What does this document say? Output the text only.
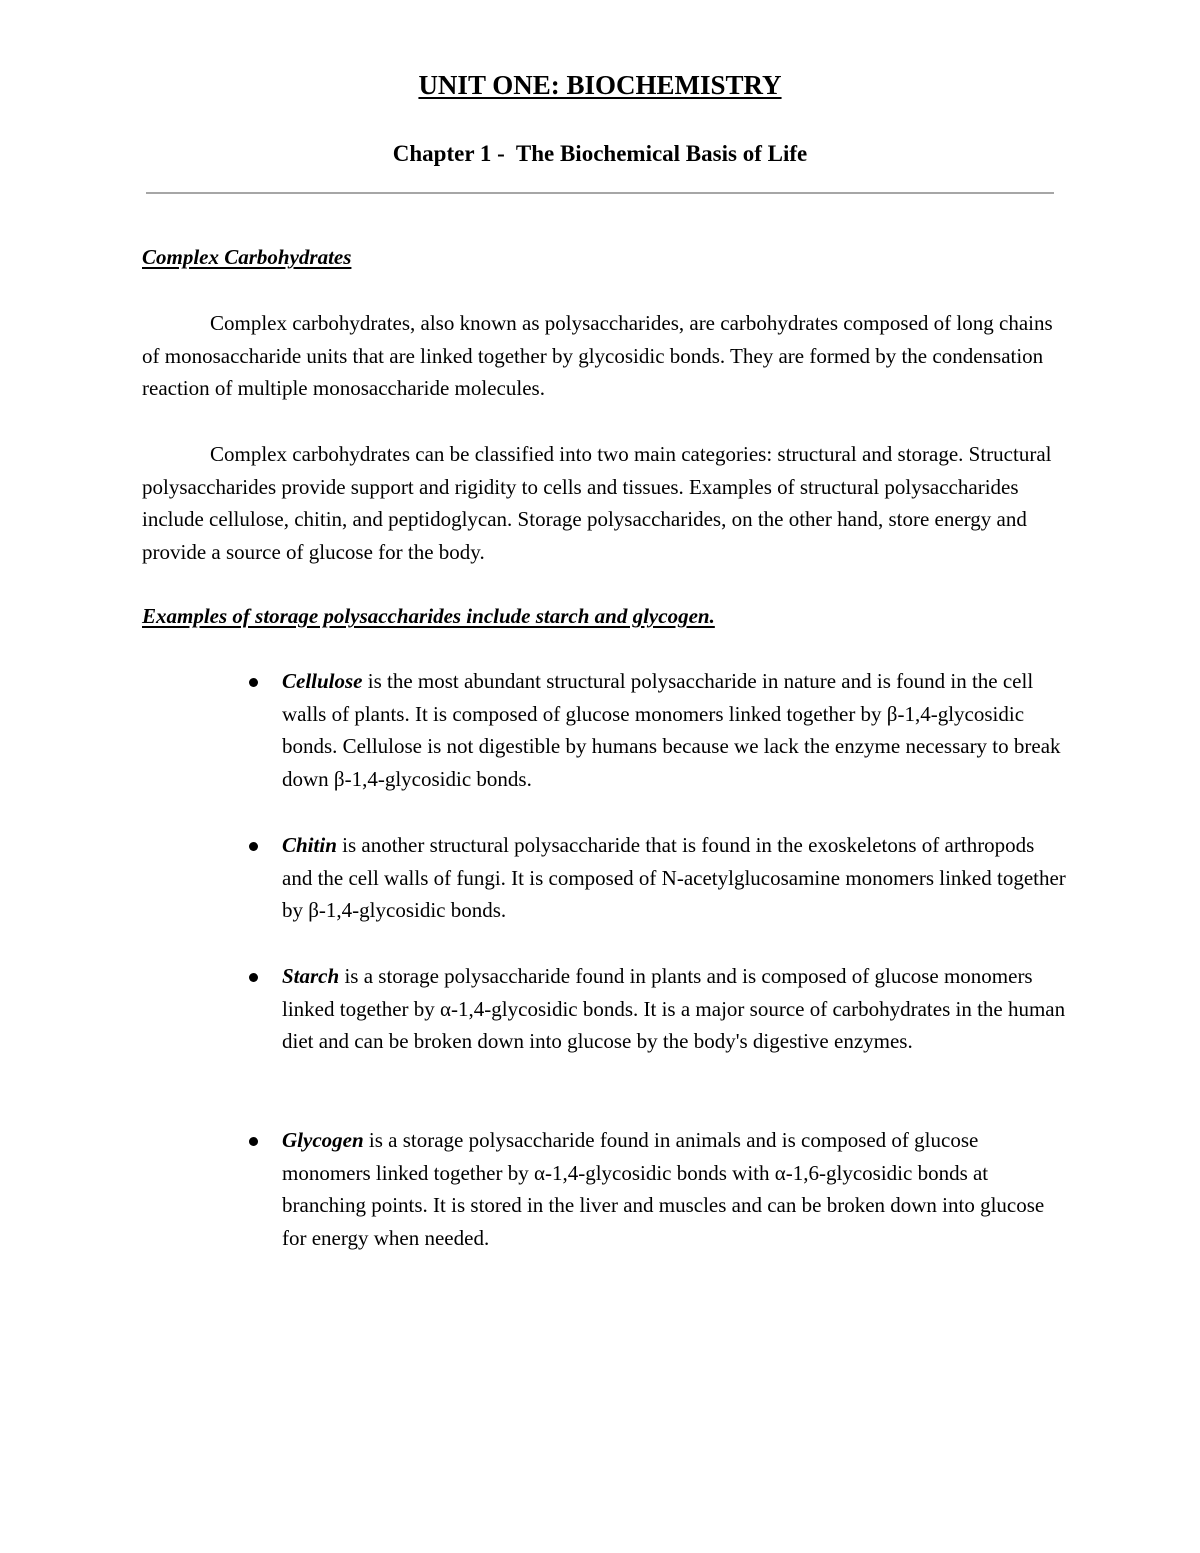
UNIT ONE: BIOCHEMISTRY
Chapter 1 -  The Biochemical Basis of Life
Complex Carbohydrates

Complex carbohydrates, also known as polysaccharides, are carbohydrates composed of long chains of monosaccharide units that are linked together by glycosidic bonds. They are formed by the condensation reaction of multiple monosaccharide molecules.

Complex carbohydrates can be classified into two main categories: structural and storage. Structural polysaccharides provide support and rigidity to cells and tissues. Examples of structural polysaccharides include cellulose, chitin, and peptidoglycan. Storage polysaccharides, on the other hand, store energy and provide a source of glucose for the body.

Examples of storage polysaccharides include starch and glycogen.
Cellulose is the most abundant structural polysaccharide in nature and is found in the cell walls of plants. It is composed of glucose monomers linked together by β-1,4-glycosidic bonds. Cellulose is not digestible by humans because we lack the enzyme necessary to break down β-1,4-glycosidic bonds.
Chitin is another structural polysaccharide that is found in the exoskeletons of arthropods and the cell walls of fungi. It is composed of N-acetylglucosamine monomers linked together by β-1,4-glycosidic bonds.
Starch is a storage polysaccharide found in plants and is composed of glucose monomers linked together by α-1,4-glycosidic bonds. It is a major source of carbohydrates in the human diet and can be broken down into glucose by the body's digestive enzymes.
Glycogen is a storage polysaccharide found in animals and is composed of glucose monomers linked together by α-1,4-glycosidic bonds with α-1,6-glycosidic bonds at branching points. It is stored in the liver and muscles and can be broken down into glucose for energy when needed.
